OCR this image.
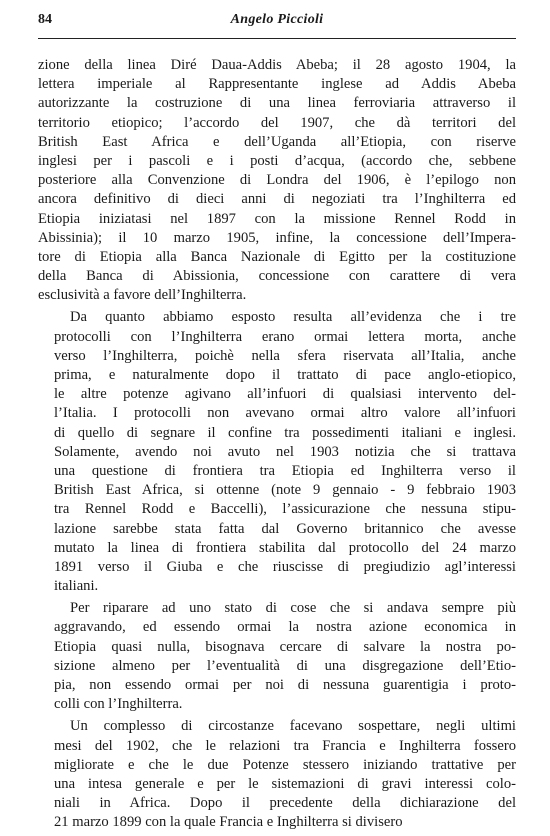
84	Angelo Piccioli
zione della linea Diré Daua-Addis Abeba; il 28 agosto 1904, la
lettera imperiale al Rappresentante inglese ad Addis Abeba
autorizzante la costruzione di una linea ferroviaria attraverso il
territorio etiopico; l’accordo del 1907, che dà territori del
British East Africa e dell’Uganda all’Etiopia, con riserve
inglesi per i pascoli e i posti d’acqua, (accordo che, sebbene
posteriore alla Convenzione di Londra del 1906, è l’epilogo non
ancora definitivo di dieci anni di negoziati tra l’Inghilterra ed
Etiopia iniziatasi nel 1897 con la missione Rennel Rodd in
Abissinia); il 10 marzo 1905, infine, la concessione dell’Impera-
tore di Etiopia alla Banca Nazionale di Egitto per la costituzione
della Banca di Abissionia, concessione con carattere di vera
esclusività a favore dell’Inghilterra.
Da quanto abbiamo esposto resulta all’evidenza che i tre
protocolli con l’Inghilterra erano ormai lettera morta, anche
verso l’Inghilterra, poichè nella sfera riservata all’Italia, anche
prima, e naturalmente dopo il trattato di pace anglo-etiopico,
le altre potenze agivano all’infuori di qualsiasi intervento del-
l’Italia. I protocolli non avevano ormai altro valore all’infuori
di quello di segnare il confine tra possedimenti italiani e inglesi.
Solamente, avendo noi avuto nel 1903 notizia che si trattava
una questione di frontiera tra Etiopia ed Inghilterra verso il
British East Africa, si ottenne (note 9 gennaio - 9 febbraio 1903
tra Rennel Rodd e Baccelli), l’assicurazione che nessuna stipu-
lazione sarebbe stata fatta dal Governo britannico che avesse
mutato la linea di frontiera stabilita dal protocollo del 24 marzo
1891 verso il Giuba e che riuscisse di pregiudizio agl’interessi
italiani.
Per riparare ad uno stato di cose che si andava sempre più
aggravando, ed essendo ormai la nostra azione economica in
Etiopia quasi nulla, bisognava cercare di salvare la nostra po-
sizione almeno per l’eventualità di una disgregazione dell’Etio-
pia, non essendo ormai per noi di nessuna guarentigia i proto-
colli con l’Inghilterra.
Un complesso di circostanze facevano sospettare, negli ultimi
mesi del 1902, che le relazioni tra Francia e Inghilterra fossero
migliorate e che le due Potenze stessero iniziando trattative per
una intesa generale e per le sistemazioni di gravi interessi colo-
niali in Africa. Dopo il precedente della dichiarazione del
21 marzo 1899 con la quale Francia e Inghilterra si divisero
